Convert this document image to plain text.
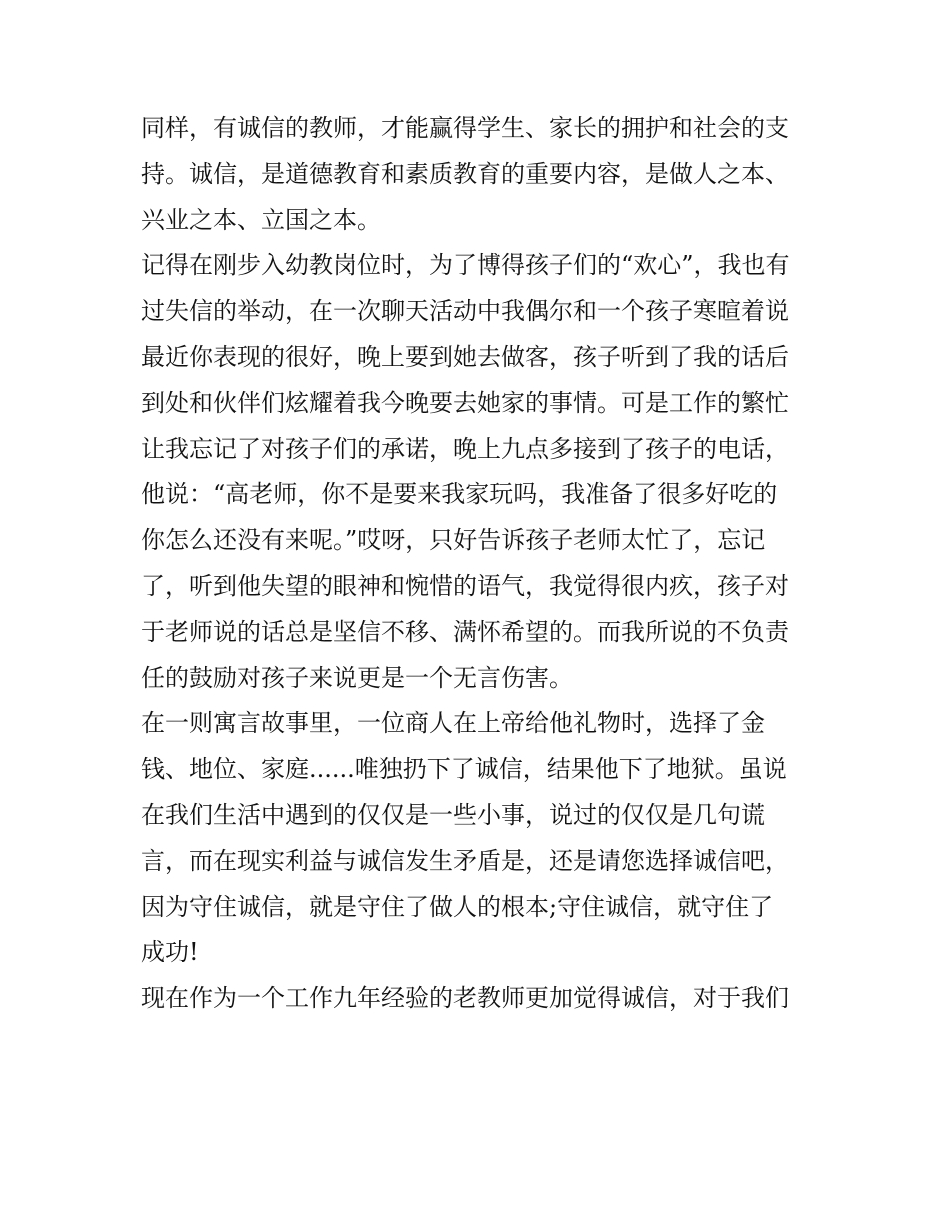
同样，有诚信的教师，才能赢得学生、家长的拥护和社会的支
持。诚信，是道德教育和素质教育的重要内容，是做人之本、
兴业之本、立国之本。
记得在刚步入幼教岗位时，为了博得孩子们的“欢心”，我也有
过失信的举动，在一次聊天活动中我偶尔和一个孩子寒暄着说
最近你表现的很好，晚上要到她去做客，孩子听到了我的话后
到处和伙伴们炫耀着我今晚要去她家的事情。可是工作的繁忙
让我忘记了对孩子们的承诺，晚上九点多接到了孩子的电话，
他说：“高老师，你不是要来我家玩吗，我准备了很多好吃的
你怎么还没有来呢。”哎呀，只好告诉孩子老师太忙了，忘记
了，听到他失望的眼神和惋惜的语气，我觉得很内疚，孩子对
于老师说的话总是坚信不移、满怀希望的。而我所说的不负责
任的鼓励对孩子来说更是一个无言伤害。
在一则寓言故事里，一位商人在上帝给他礼物时，选择了金
钱、地位、家庭......唯独扔下了诚信，结果他下了地狱。虽说
在我们生活中遇到的仅仅是一些小事，说过的仅仅是几句谎
言，而在现实利益与诚信发生矛盾是，还是请您选择诚信吧，
因为守住诚信，就是守住了做人的根本;守住诚信，就守住了
成功!
现在作为一个工作九年经验的老教师更加觉得诚信，对于我们
